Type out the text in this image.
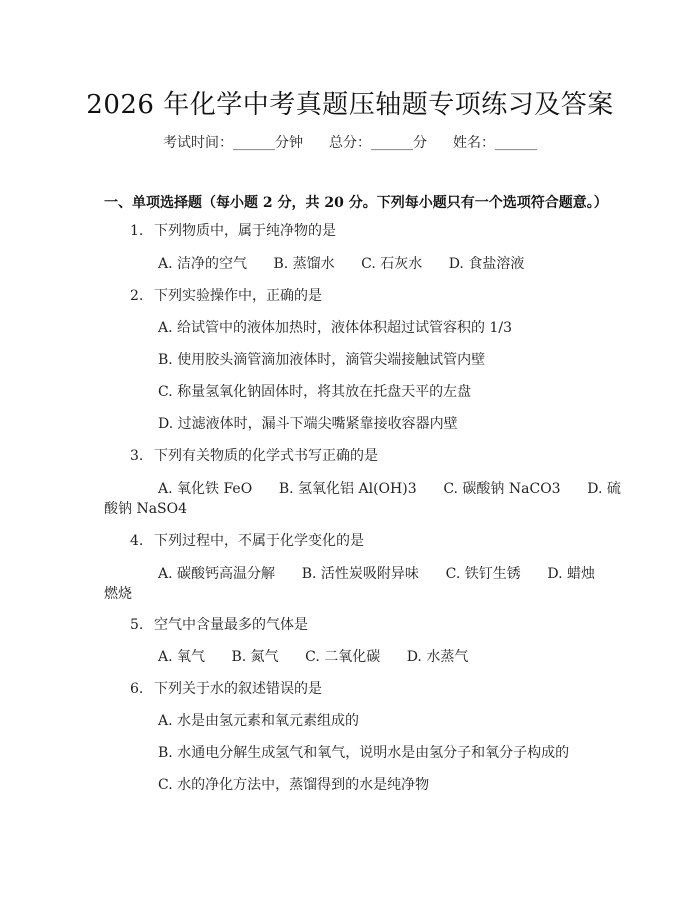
2026 年化学中考真题压轴题专项练习及答案
考试时间：______分钟 总分：______分 姓名：______
一、单项选择题（每小题 2 分，共 20 分。下列每小题只有一个选项符合题意。）
1. 下列物质中，属于纯净物的是
A. 洁净的空气 B. 蒸馏水 C. 石灰水 D. 食盐溶液
2. 下列实验操作中，正确的是
A. 给试管中的液体加热时，液体体积超过试管容积的 1/3
B. 使用胶头滴管滴加液体时，滴管尖端接触试管内壁
C. 称量氢氧化钠固体时，将其放在托盘天平的左盘
D. 过滤液体时，漏斗下端尖嘴紧靠接收容器内壁
3. 下列有关物质的化学式书写正确的是
A. 氧化铁 FeO      B. 氢氧化铝 Al(OH)3      C. 碳酸钠 NaCO3      D. 硫
酸钠 NaSO4
4. 下列过程中，不属于化学变化的是
A. 碳酸钙高温分解      B. 活性炭吸附异味      C. 铁钉生锈      D. 蜡烛
燃烧
5. 空气中含量最多的气体是
A. 氧气 B. 氮气 C. 二氧化碳 D. 水蒸气
6. 下列关于水的叙述错误的是
A. 水是由氢元素和氧元素组成的
B. 水通电分解生成氢气和氧气，说明水是由氢分子和氧分子构成的
C. 水的净化方法中，蒸馏得到的水是纯净物
